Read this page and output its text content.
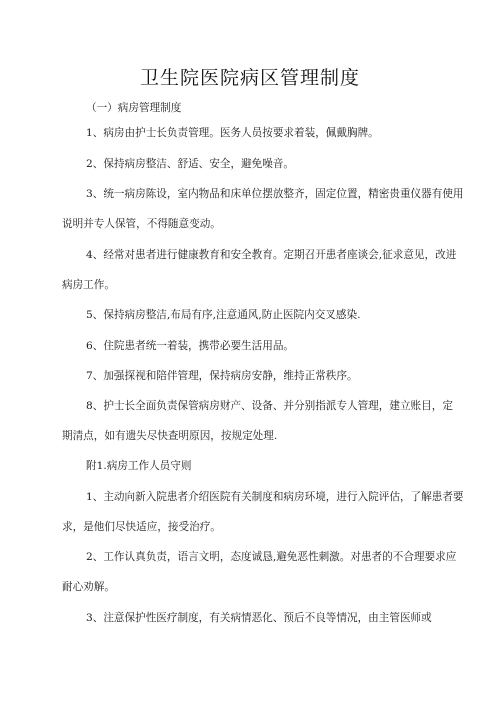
卫生院医院病区管理制度
（一）病房管理制度
1、病房由护士长负责管理。医务人员按要求着装，佩戴胸牌。
2、保持病房整洁、舒适、安全，避免噪音。
3、统一病房陈设，室内物品和床单位摆放整齐，固定位置，精密贵重仪器有使用
说明并专人保管，不得随意变动。
4、经常对患者进行健康教育和安全教育。定期召开患者座谈会,征求意见，改进
病房工作。
5、保持病房整洁,布局有序,注意通风,防止医院内交叉感染.
6、住院患者统一着装，携带必要生活用品。
7、加强探视和陪伴管理，保持病房安静，维持正常秩序。
8、护士长全面负责保管病房财产、设备、并分别指派专人管理，建立账目，定
期清点，如有遗失尽快查明原因，按规定处理.
附1.病房工作人员守则
1、主动向新入院患者介绍医院有关制度和病房环境，进行入院评估，了解患者要
求，是他们尽快适应，接受治疗。
2、工作认真负责，语言文明，态度诚恳,避免恶性刺激。对患者的不合理要求应
耐心劝解。
3、注意保护性医疗制度，有关病情恶化、预后不良等情况，由主管医师或
